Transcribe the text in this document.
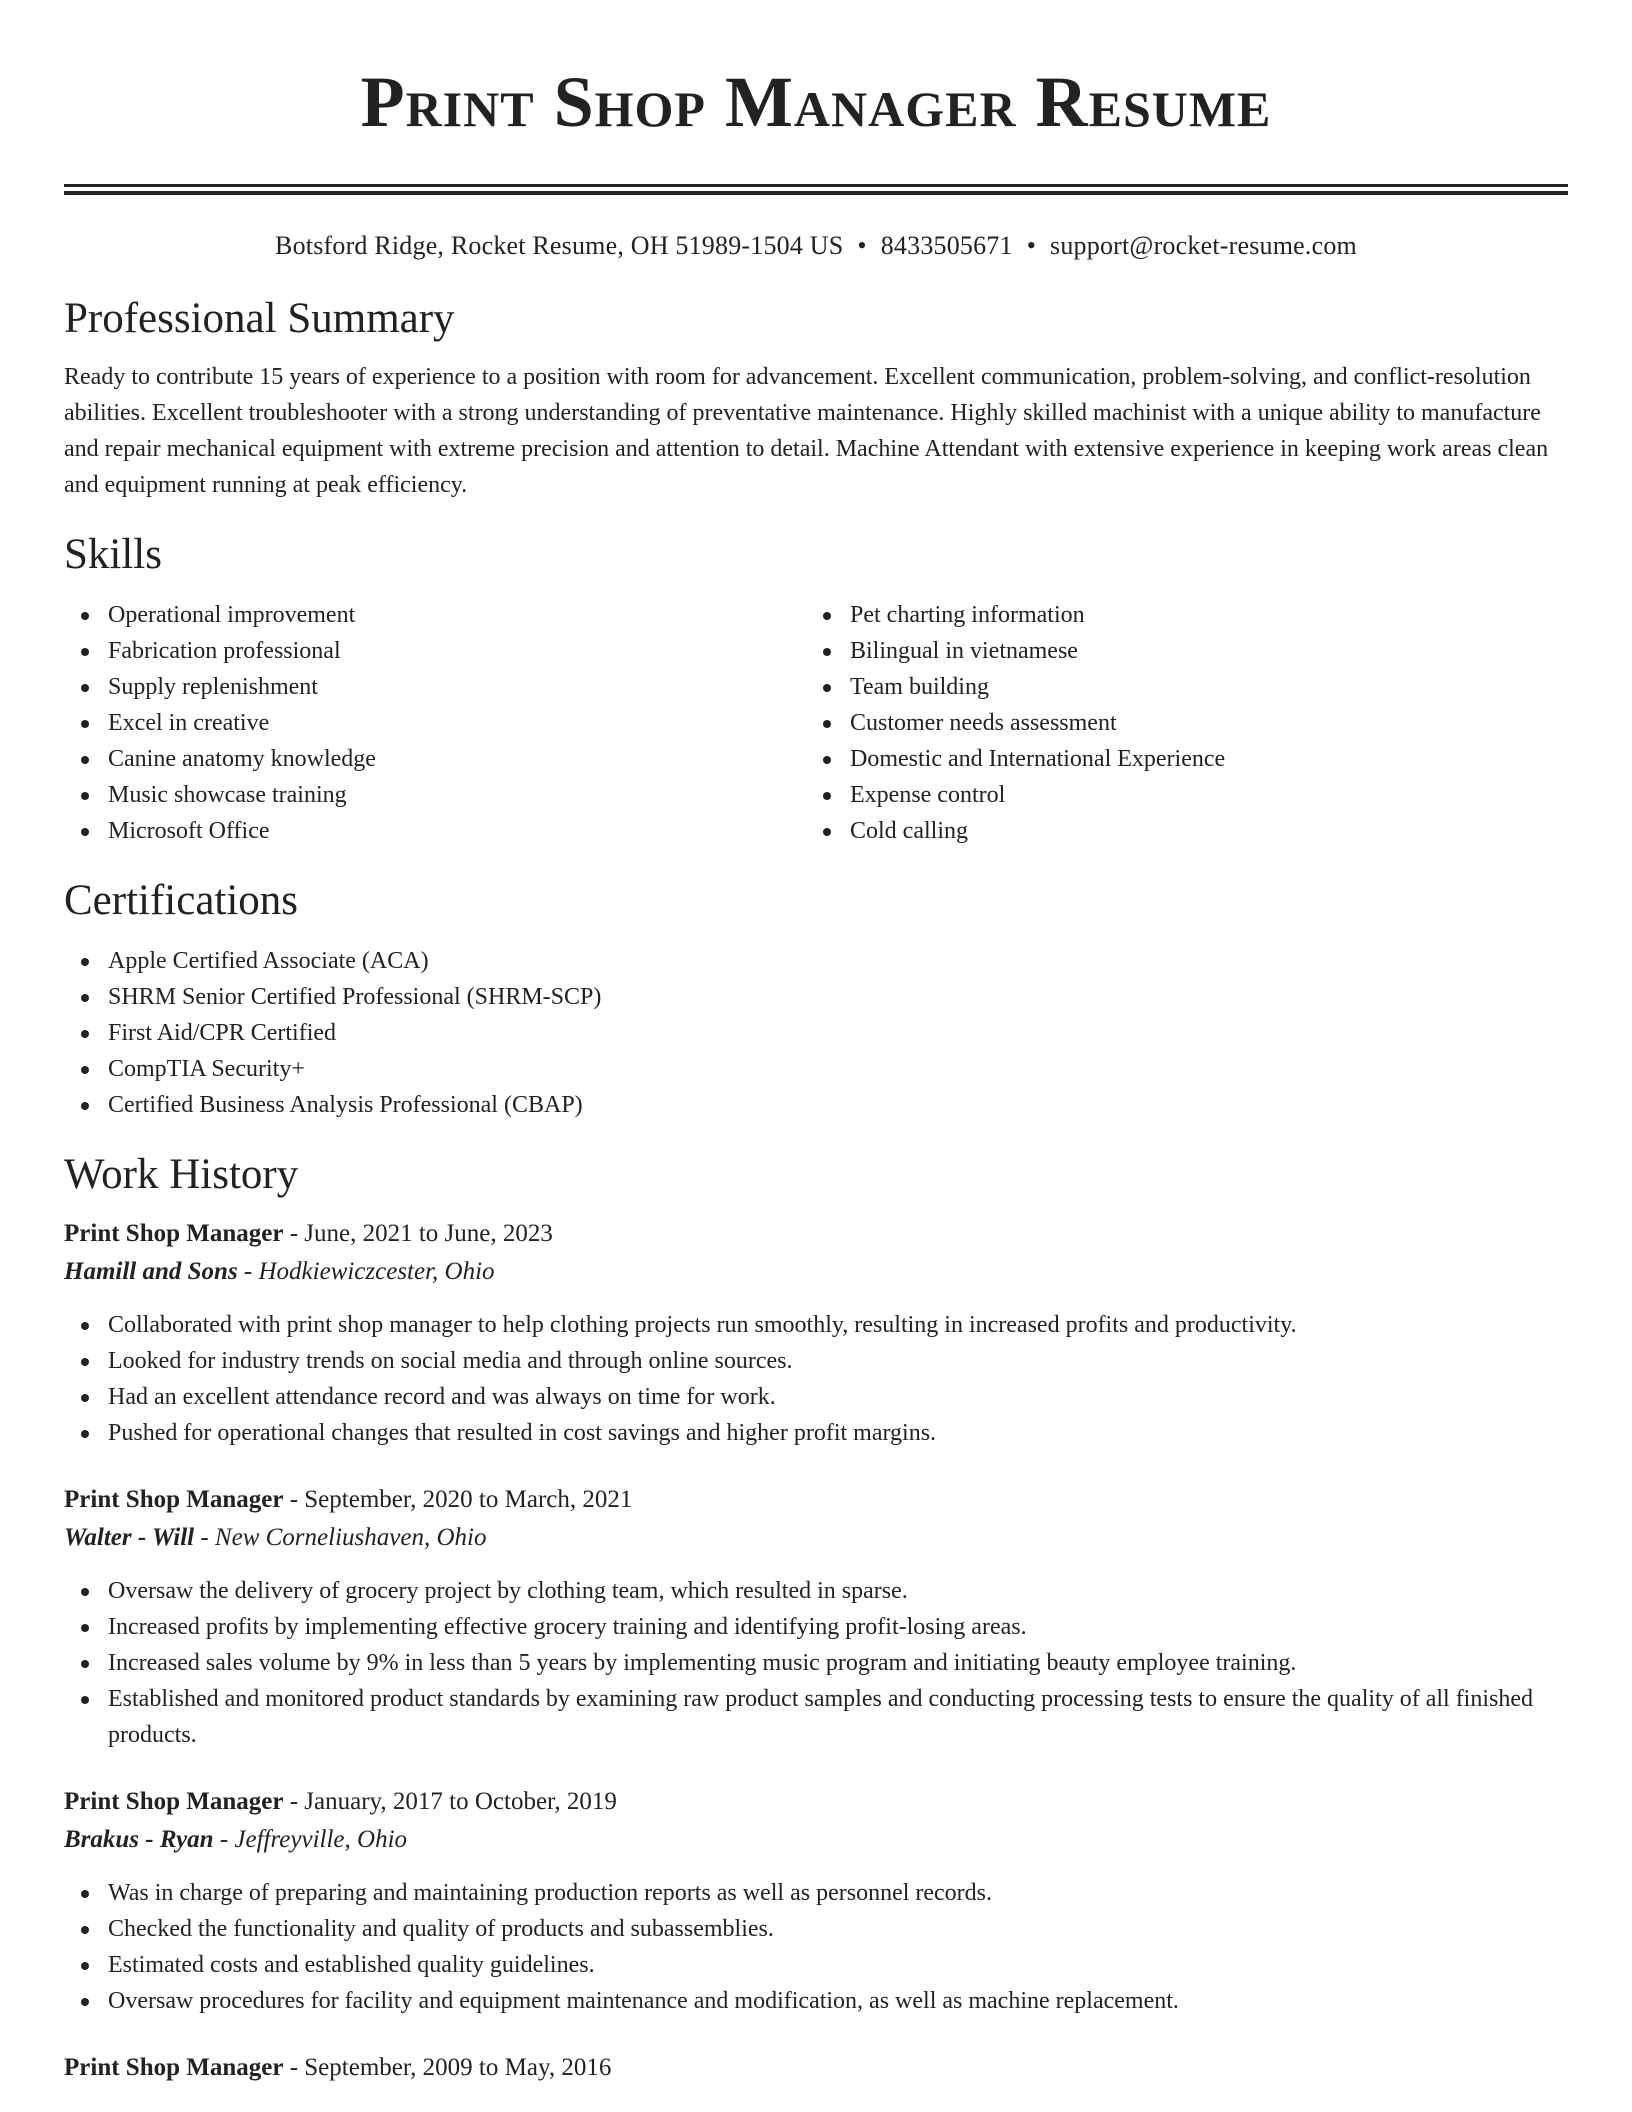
Print Shop Manager Resume
Botsford Ridge, Rocket Resume, OH 51989-1504 US • 8433505671 • support@rocket-resume.com
Professional Summary

Ready to contribute 15 years of experience to a position with room for advancement. Excellent communication, problem-solving, and conflict-resolution abilities. Excellent troubleshooter with a strong understanding of preventative maintenance. Highly skilled machinist with a unique ability to manufacture and repair mechanical equipment with extreme precision and attention to detail. Machine Attendant with extensive experience in keeping work areas clean and equipment running at peak efficiency.

Skills
Operational improvement
Fabrication professional
Supply replenishment
Excel in creative
Canine anatomy knowledge
Music showcase training
Microsoft Office
Pet charting information
Bilingual in vietnamese
Team building
Customer needs assessment
Domestic and International Experience
Expense control
Cold calling
Certifications
Apple Certified Associate (ACA)
SHRM Senior Certified Professional (SHRM-SCP)
First Aid/CPR Certified
CompTIA Security+
Certified Business Analysis Professional (CBAP)
Work History
Print Shop Manager - June, 2021 to June, 2023
Hamill and Sons - Hodkiewiczcester, Ohio
Collaborated with print shop manager to help clothing projects run smoothly, resulting in increased profits and productivity.
Looked for industry trends on social media and through online sources.
Had an excellent attendance record and was always on time for work.
Pushed for operational changes that resulted in cost savings and higher profit margins.
Print Shop Manager - September, 2020 to March, 2021
Walter - Will - New Corneliushaven, Ohio
Oversaw the delivery of grocery project by clothing team, which resulted in sparse.
Increased profits by implementing effective grocery training and identifying profit-losing areas.
Increased sales volume by 9% in less than 5 years by implementing music program and initiating beauty employee training.
Established and monitored product standards by examining raw product samples and conducting processing tests to ensure the quality of all finished products.
Print Shop Manager - January, 2017 to October, 2019
Brakus - Ryan - Jeffreyville, Ohio
Was in charge of preparing and maintaining production reports as well as personnel records.
Checked the functionality and quality of products and subassemblies.
Estimated costs and established quality guidelines.
Oversaw procedures for facility and equipment maintenance and modification, as well as machine replacement.
Print Shop Manager - September, 2009 to May, 2016
